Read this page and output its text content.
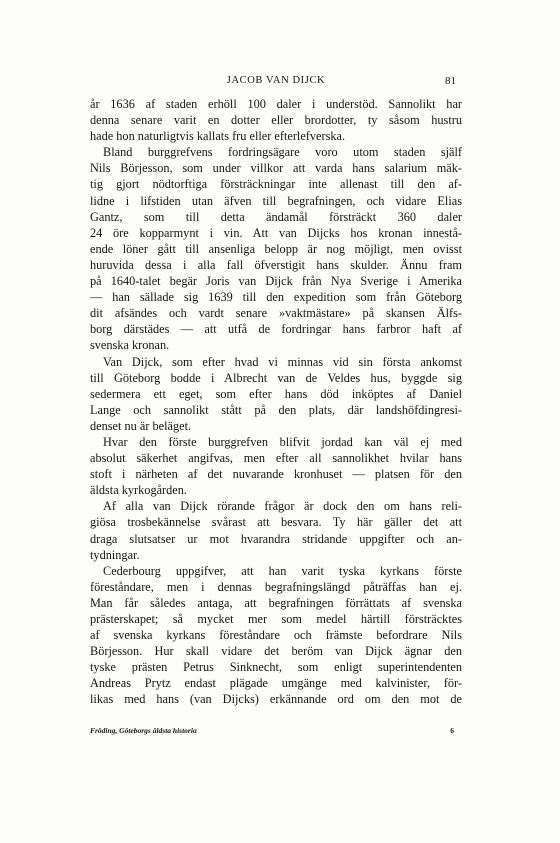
JACOB VAN DIJCK	81
år 1636 af staden erhöll 100 daler i understöd. Sannolikt har
denna senare varit en dotter eller brordotter, ty såsom hustru
hade hon naturligtvis kallats fru eller efterlefverska.
Bland burggrefvens fordringsägare voro utom staden själf
Nils Börjesson, som under villkor att varda hans salarium mäk-
tig gjort nödtorftiga försträckningar inte allenast till den af-
lidne i lifstiden utan äfven till begrafningen, och vidare Elias
Gantz, som till detta ändamål försträckt 360 daler
24 öre kopparmynt i vin. Att van Dijcks hos kronan innestå-
ende löner gått till ansenliga belopp är nog möjligt, men ovisst
huruvida dessa i alla fall öfverstigit hans skulder. Ännu fram
på 1640-talet begär Joris van Dijck från Nya Sverige i Amerika
— han sällade sig 1639 till den expedition som från Göteborg
dit afsändes och vardt senare »vaktmästare» på skansen Älfs-
borg därstädes — att utfå de fordringar hans farbror haft af
svenska kronan.
Van Dijck, som efter hvad vi minnas vid sin första ankomst
till Göteborg bodde i Albrecht van de Veldes hus, byggde sig
sedermera ett eget, som efter hans död inköptes af Daniel
Lange och sannolikt stått på den plats, där landshöfdingresi-
denset nu är beläget.
Hvar den förste burggrefven blifvit jordad kan väl ej med
absolut säkerhet angifvas, men efter all sannolikhet hvilar hans
stoft i närheten af det nuvarande kronhuset — platsen för den
äldsta kyrkogården.
Af alla van Dijck rörande frågor är dock den om hans reli-
giösa trosbekännelse svårast att besvara. Ty här gäller det att
draga slutsatser ur mot hvarandra stridande uppgifter och an-
tydningar.
Cederbourg uppgifver, att han varit tyska kyrkans förste
föreståndare, men i dennas begrafningslängd påträffas han ej.
Man får således antaga, att begrafningen förrättats af svenska
prästerskapet; så mycket mer som medel härtill försträcktes
af svenska kyrkans föreståndare och främste befordrare Nils
Börjesson. Hur skall vidare det beröm van Dijck ägnar den
tyske prästen Petrus Sinknecht, som enligt superintendenten
Andreas Prytz endast plägade umgänge med kalvinister, för-
likas med hans (van Dijcks) erkännande ord om den mot de
Fröding, Göteborgs äldsta historia	6
